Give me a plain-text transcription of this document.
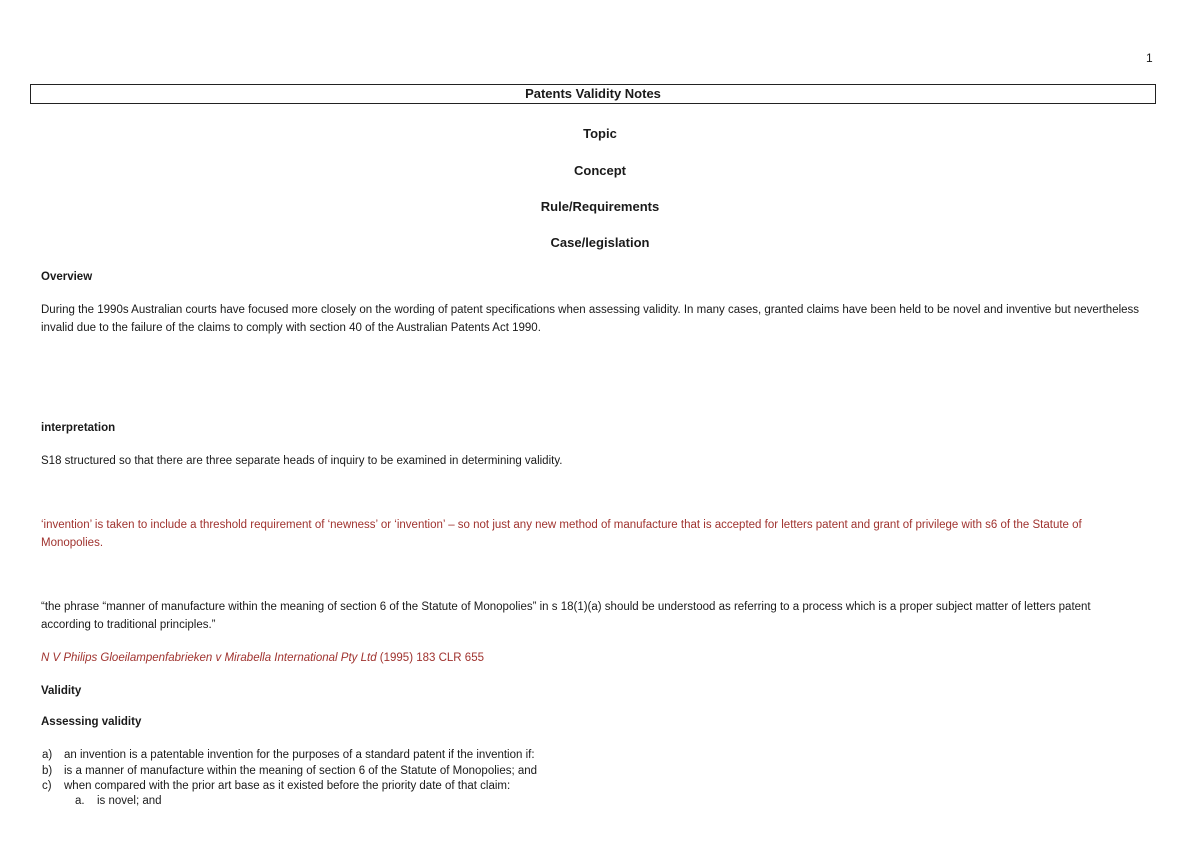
1
Patents Validity Notes
Topic
Concept
Rule/Requirements
Case/legislation
Overview
During the 1990s Australian courts have focused more closely on the wording of patent specifications when assessing validity. In many cases, granted claims have been held to be novel and inventive but nevertheless invalid due to the failure of the claims to comply with section 40 of the Australian Patents Act 1990.
interpretation
S18 structured so that there are three separate heads of inquiry to be examined in determining validity.
‘invention’ is taken to include a threshold requirement of ‘newness’ or ‘invention’ – so not just any new method of manufacture that is accepted for letters patent and grant of privilege with s6 of the Statute of Monopolies.
“the phrase “manner of manufacture within the meaning of section 6 of the Statute of Monopolies” in s 18(1)(a) should be understood as referring to a process which is a proper subject matter of letters patent according to traditional principles.”
N V Philips Gloeilampenfabrieken v Mirabella International Pty Ltd (1995) 183 CLR 655
Validity
Assessing validity
a) an invention is a patentable invention for the purposes of a standard patent if the invention if:
b) is a manner of manufacture within the meaning of section 6 of the Statute of Monopolies; and
c) when compared with the prior art base as it existed before the priority date of that claim:
a. is novel; and
